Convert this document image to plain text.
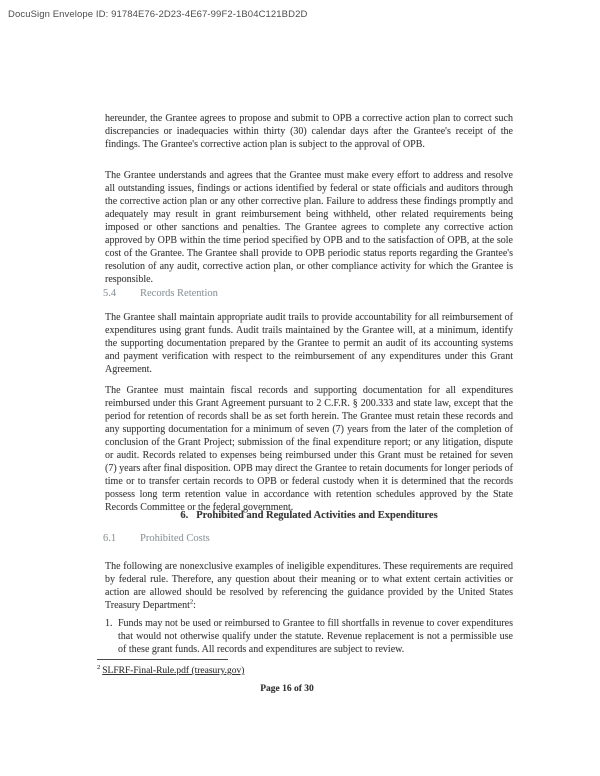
DocuSign Envelope ID: 91784E76-2D23-4E67-99F2-1B04C121BD2D

hereunder, the Grantee agrees to propose and submit to OPB a corrective action plan to correct such discrepancies or inadequacies within thirty (30) calendar days after the Grantee's receipt of the findings. The Grantee's corrective action plan is subject to the approval of OPB.

The Grantee understands and agrees that the Grantee must make every effort to address and resolve all outstanding issues, findings or actions identified by federal or state officials and auditors through the corrective action plan or any other corrective plan. Failure to address these findings promptly and adequately may result in grant reimbursement being withheld, other related requirements being imposed or other sanctions and penalties. The Grantee agrees to complete any corrective action approved by OPB within the time period specified by OPB and to the satisfaction of OPB, at the sole cost of the Grantee. The Grantee shall provide to OPB periodic status reports regarding the Grantee's resolution of any audit, corrective action plan, or other compliance activity for which the Grantee is responsible.

5.4 Records Retention

The Grantee shall maintain appropriate audit trails to provide accountability for all reimbursement of expenditures using grant funds. Audit trails maintained by the Grantee will, at a minimum, identify the supporting documentation prepared by the Grantee to permit an audit of its accounting systems and payment verification with respect to the reimbursement of any expenditures under this Grant Agreement.

The Grantee must maintain fiscal records and supporting documentation for all expenditures reimbursed under this Grant Agreement pursuant to 2 C.F.R. § 200.333 and state law, except that the period for retention of records shall be as set forth herein. The Grantee must retain these records and any supporting documentation for a minimum of seven (7) years from the later of the completion of conclusion of the Grant Project; submission of the final expenditure report; or any litigation, dispute or audit. Records related to expenses being reimbursed under this Grant must be retained for seven (7) years after final disposition. OPB may direct the Grantee to retain documents for longer periods of time or to transfer certain records to OPB or federal custody when it is determined that the records possess long term retention value in accordance with retention schedules approved by the State Records Committee or the federal government.

6. Prohibited and Regulated Activities and Expenditures
6.1 Prohibited Costs

The following are nonexclusive examples of ineligible expenditures. These requirements are required by federal rule. Therefore, any question about their meaning or to what extent certain activities or action are allowed should be resolved by referencing the guidance provided by the United States Treasury Department$^2$:

1. Funds may not be used or reimbursed to Grantee to fill shortfalls in revenue to cover expenditures that would not otherwise qualify under the statute. Revenue replacement is not a permissible use of these grant funds. All records and expenditures are subject to review.
$^2$ SLFRF-Final-Rule.pdf (treasury.gov)
Page 16 of 30
